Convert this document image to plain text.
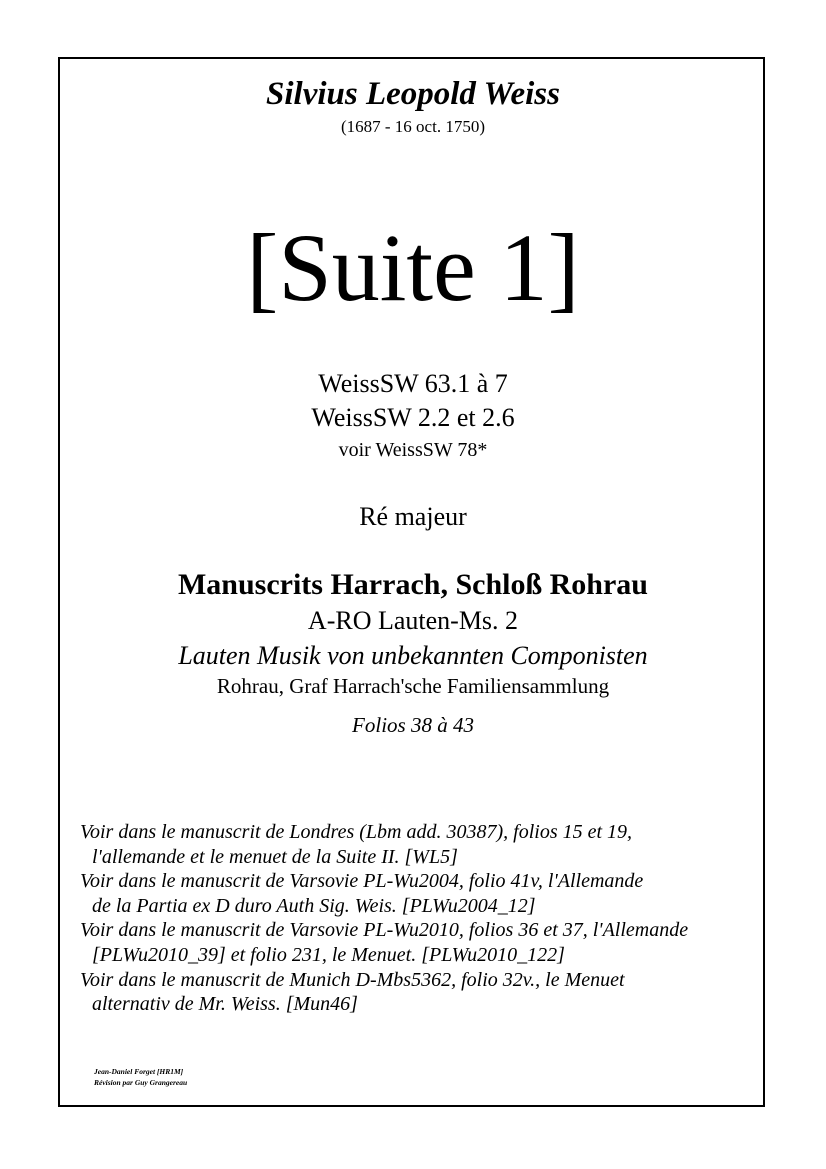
Silvius Leopold Weiss
(1687 - 16 oct. 1750)
[Suite 1]
WeissSW 63.1 à 7
WeissSW 2.2 et 2.6
voir WeissSW 78*
Ré majeur
Manuscrits Harrach, Schloß Rohrau
A-RO Lauten-Ms. 2
Lauten Musik von unbekannten Componisten
Rohrau, Graf Harrach'sche Familiensammlung
Folios 38 à 43
Voir dans le manuscrit de Londres (Lbm add. 30387), folios 15 et 19,
l'allemande et le menuet de la Suite II. [WL5]
Voir dans le manuscrit de Varsovie PL-Wu2004, folio 41v, l'Allemande
de la Partia ex D duro Auth Sig. Weis. [PLWu2004_12]
Voir dans le manuscrit de Varsovie PL-Wu2010, folios 36 et 37, l'Allemande
[PLWu2010_39] et folio 231, le Menuet. [PLWu2010_122]
Voir dans le manuscrit de Munich D-Mbs5362, folio 32v., le Menuet
alternativ de Mr. Weiss. [Mun46]
Jean-Daniel Forget [HR1M]
Révision par Guy Grangereau
